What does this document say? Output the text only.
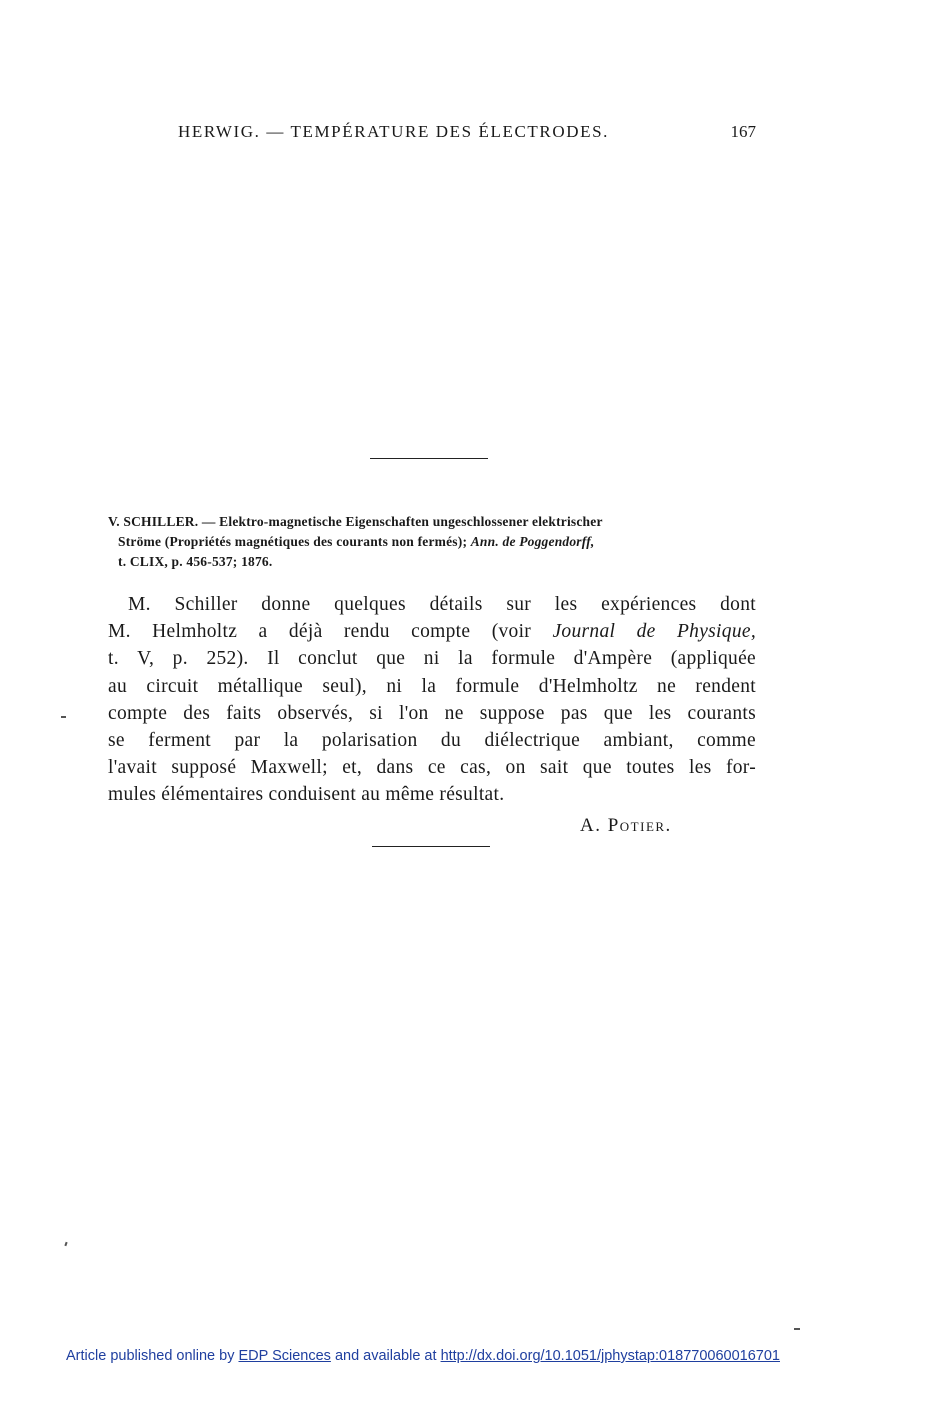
HERWIG. — TEMPÉRATURE DES ÉLECTRODES.	167
V. SCHILLER. — Elektro-magnetische Eigenschaften ungeschlossener elektrischer
Ströme (Propriétés magnétiques des courants non fermés); Ann. de Poggendorff,
t. CLIX, p. 456-537; 1876.
M. Schiller donne quelques détails sur les expériences dont
M. Helmholtz a déjà rendu compte (voir Journal de Physique,
t. V, p. 252). Il conclut que ni la formule d'Ampère (appliquée
au circuit métallique seul), ni la formule d'Helmholtz ne rendent
compte des faits observés, si l'on ne suppose pas que les courants
se ferment par la polarisation du diélectrique ambiant, comme
l'avait supposé Maxwell; et, dans ce cas, on sait que toutes les for-
mules élémentaires conduisent au même résultat.
A. Potier.
Article published online by EDP Sciences and available at http://dx.doi.org/10.1051/jphystap:018770060016701
